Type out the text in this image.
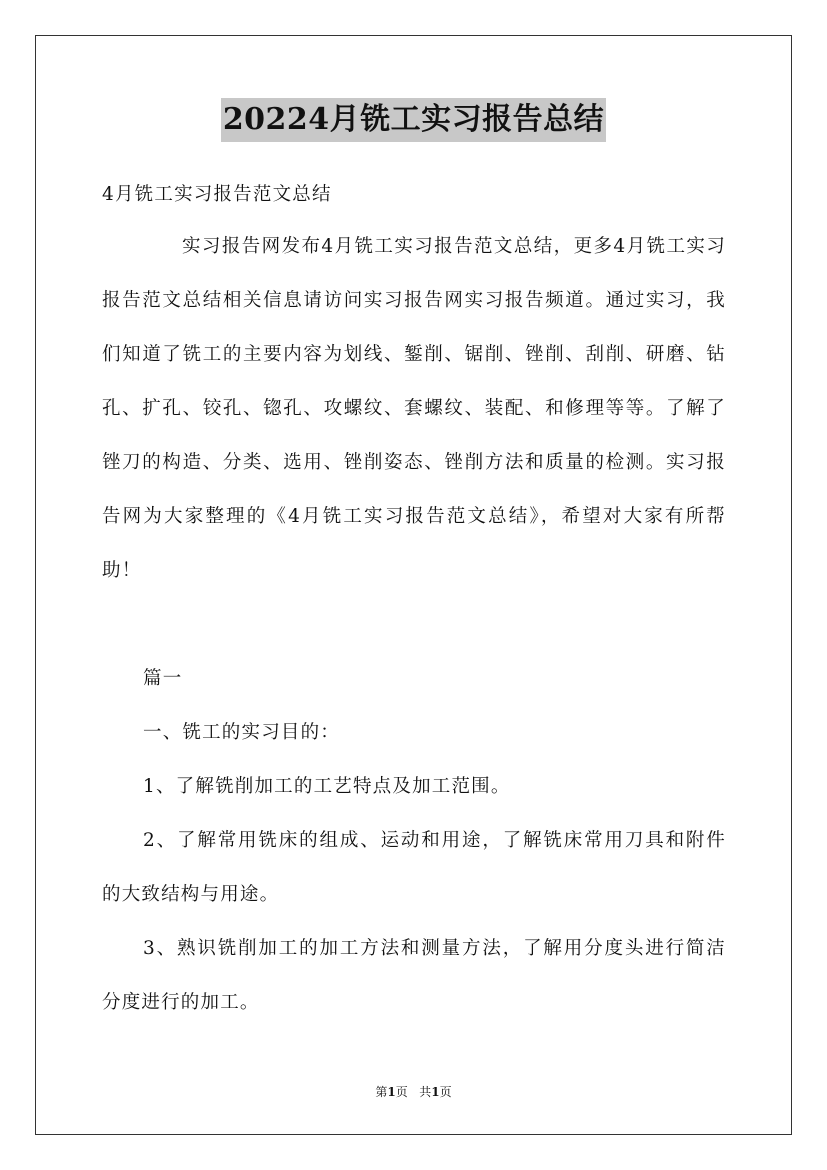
20224月铣工实习报告总结

4月铣工实习报告范文总结

实习报告网发布4月铣工实习报告范文总结，更多4月铣工实习报告范文总结相关信息请访问实习报告网实习报告频道。通过实习，我们知道了铣工的主要内容为划线、錾削、锯削、锉削、刮削、研磨、钻孔、扩孔、铰孔、锪孔、攻螺纹、套螺纹、装配、和修理等等。了解了锉刀的构造、分类、选用、锉削姿态、锉削方法和质量的检测。实习报告网为大家整理的《4月铣工实习报告范文总结》，希望对大家有所帮助！

篇一

一、铣工的实习目的：

1、了解铣削加工的工艺特点及加工范围。

2、了解常用铣床的组成、运动和用途，了解铣床常用刀具和附件的大致结构与用途。

3、熟识铣削加工的加工方法和测量方法，了解用分度头进行简洁分度进行的加工。

第1页 共1页
